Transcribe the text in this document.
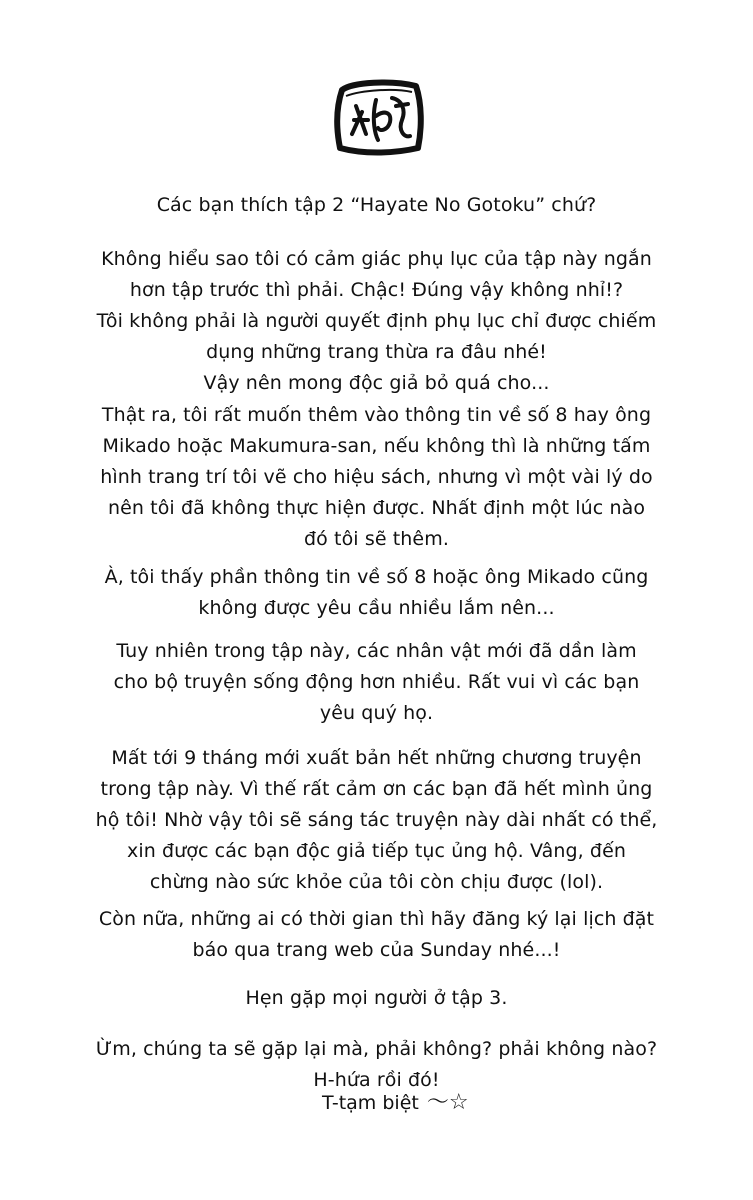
Các bạn thích tập 2 “Hayate No Gotoku” chứ?

Không hiểu sao tôi có cảm giác phụ lục của tập này ngắn
hơn tập trước thì phải. Chậc! Đúng vậy không nhỉ!?
Tôi không phải là người quyết định phụ lục chỉ được chiếm
dụng những trang thừa ra đâu nhé!
Vậy nên mong độc giả bỏ quá cho...

Thật ra, tôi rất muốn thêm vào thông tin về số 8 hay ông
Mikado hoặc Makumura-san, nếu không thì là những tấm
hình trang trí tôi vẽ cho hiệu sách, nhưng vì một vài lý do
nên tôi đã không thực hiện được. Nhất định một lúc nào
đó tôi sẽ thêm.

À, tôi thấy phần thông tin về số 8 hoặc ông Mikado cũng
không được yêu cầu nhiều lắm nên...

Tuy nhiên trong tập này, các nhân vật mới đã dần làm
cho bộ truyện sống động hơn nhiều. Rất vui vì các bạn
yêu quý họ.

Mất tới 9 tháng mới xuất bản hết những chương truyện
trong tập này. Vì thế rất cảm ơn các bạn đã hết mình ủng
hộ tôi! Nhờ vậy tôi sẽ sáng tác truyện này dài nhất có thể,
xin được các bạn độc giả tiếp tục ủng hộ. Vâng, đến
chừng nào sức khỏe của tôi còn chịu được (lol).

Còn nữa, những ai có thời gian thì hãy đăng ký lại lịch đặt
báo qua trang web của Sunday nhé...!

Hẹn gặp mọi người ở tập 3.

Ừm, chúng ta sẽ gặp lại mà, phải không? phải không nào?
H-hứa rồi đó!

T-tạm biệt 〜☆
